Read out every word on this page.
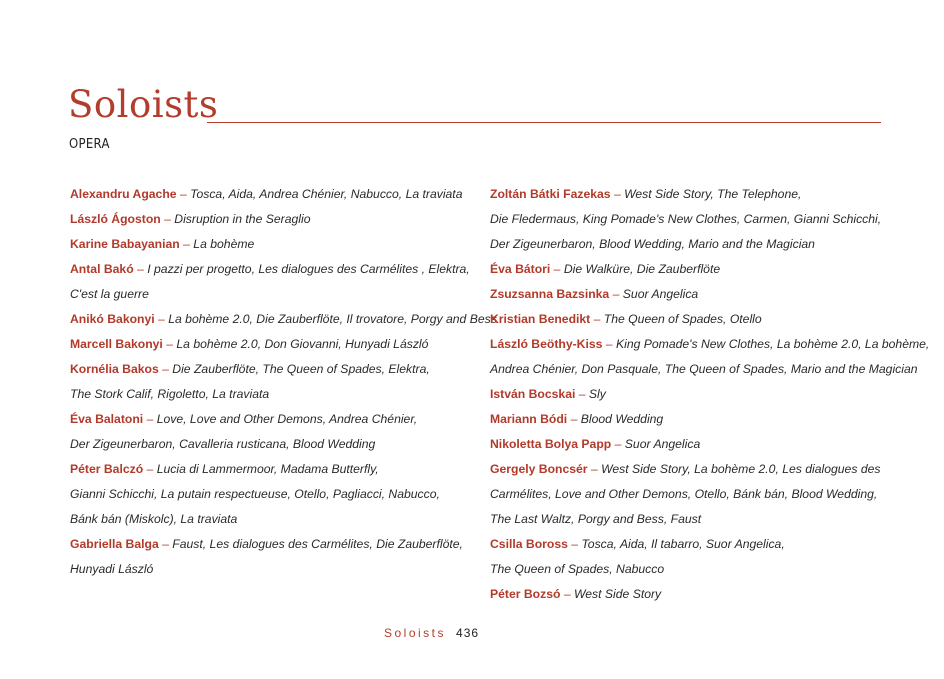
Soloists
OPERA
Alexandru Agache – Tosca, Aida, Andrea Chénier, Nabucco, La traviata
László Ágoston – Disruption in the Seraglio
Karine Babayanian – La bohème
Antal Bakó – I pazzi per progetto, Les dialogues des Carmélites , Elektra,
C'est la guerre
Anikó Bakonyi – La bohème 2.0, Die Zauberflöte, Il trovatore, Porgy and Bess
Marcell Bakonyi – La bohème 2.0, Don Giovanni, Hunyadi László
Kornélia Bakos – Die Zauberflöte, The Queen of Spades, Elektra,
The Stork Calif, Rigoletto, La traviata
Éva Balatoni – Love, Love and Other Demons, Andrea Chénier,
Der Zigeunerbaron, Cavalleria rusticana, Blood Wedding
Péter Balczó – Lucia di Lammermoor, Madama Butterfly,
Gianni Schicchi, La putain respectueuse, Otello, Pagliacci, Nabucco,
Bánk bán (Miskolc), La traviata
Gabriella Balga – Faust, Les dialogues des Carmélites, Die Zauberflöte,
Hunyadi László
Zoltán Bátki Fazekas – West Side Story, The Telephone,
Die Fledermaus, King Pomade's New Clothes, Carmen, Gianni Schicchi,
Der Zigeunerbaron, Blood Wedding, Mario and the Magician
Éva Bátori – Die Walküre, Die Zauberflöte
Zsuzsanna Bazsinka – Suor Angelica
Kristian Benedikt – The Queen of Spades, Otello
László Beöthy-Kiss – King Pomade's New Clothes, La bohème 2.0, La bohème,
Andrea Chénier, Don Pasquale, The Queen of Spades, Mario and the Magician
István Bocskai – Sly
Mariann Bódi – Blood Wedding
Nikoletta Bolya Papp – Suor Angelica
Gergely Boncsér – West Side Story, La bohème 2.0, Les dialogues des
Carmélites, Love and Other Demons, Otello, Bánk bán, Blood Wedding,
The Last Waltz, Porgy and Bess, Faust
Csilla Boross – Tosca, Aida, Il tabarro, Suor Angelica,
The Queen of Spades, Nabucco
Péter Bozsó – West Side Story
Soloists 436
